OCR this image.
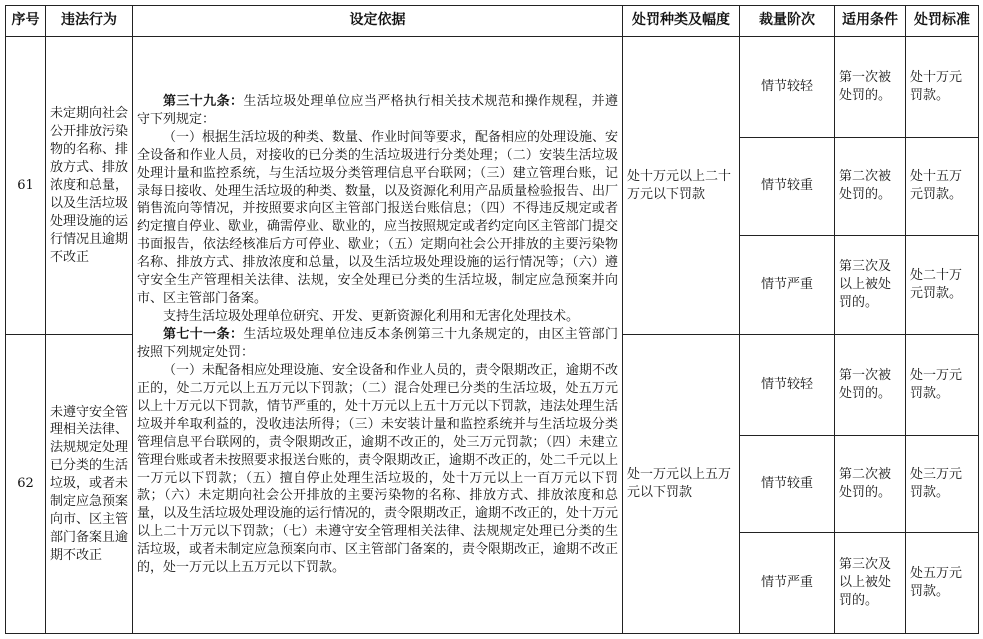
序号	违法行为	设定依据	处罚种类及幅度	裁量阶次	适用条件	处罚标准
61	未定期向社会公开排放污染物的名称、排放方式、排放浓度和总量，以及生活垃圾处理设施的运行情况且逾期不改正	第三十九条：生活垃圾处理单位应当严格执行相关技术规范和操作规程，并遵守下列规定：

（一）根据生活垃圾的种类、数量、作业时间等要求，配备相应的处理设施、安全设备和作业人员，对接收的已分类的生活垃圾进行分类处理；（二）安装生活垃圾处理计量和监控系统，与生活垃圾分类管理信息平台联网；（三）建立管理台账，记录每日接收、处理生活垃圾的种类、数量，以及资源化利用产品质量检验报告、出厂销售流向等情况，并按照要求向区主管部门报送台账信息；（四）不得违反规定或者约定擅自停业、歇业，确需停业、歇业的，应当按照规定或者约定向区主管部门提交书面报告，依法经核准后方可停业、歇业；（五）定期向社会公开排放的主要污染物名称、排放方式、排放浓度和总量，以及生活垃圾处理设施的运行情况等；（六）遵守安全生产管理相关法律、法规，安全处理已分类的生活垃圾，制定应急预案并向市、区主管部门备案。

支持生活垃圾处理单位研究、开发、更新资源化利用和无害化处理技术。

第七十一条：生活垃圾处理单位违反本条例第三十九条规定的，由区主管部门按照下列规定处罚：

（一）未配备相应处理设施、安全设备和作业人员的，责令限期改正，逾期不改正的，处二万元以上五万元以下罚款；（二）混合处理已分类的生活垃圾，处五万元以上十万元以下罚款，情节严重的，处十万元以上五十万元以下罚款，违法处理生活垃圾并牟取利益的，没收违法所得；（三）未安装计量和监控系统并与生活垃圾分类管理信息平台联网的，责令限期改正，逾期不改正的，处三万元罚款；（四）未建立管理台账或者未按照要求报送台账的，责令限期改正，逾期不改正的，处二千元以上一万元以下罚款；（五）擅自停止处理生活垃圾的，处十万元以上一百万元以下罚款；（六）未定期向社会公开排放的主要污染物的名称、排放方式、排放浓度和总量，以及生活垃圾处理设施的运行情况的，责令限期改正，逾期不改正的，处十万元以上二十万元以下罚款；（七）未遵守安全管理相关法律、法规规定处理已分类的生活垃圾，或者未制定应急预案向市、区主管部门备案的，责令限期改正，逾期不改正的，处一万元以上五万元以下罚款。	处十万元以上二十万元以下罚款	情节较轻	第一次被处罚的。	处十万元罚款。
				情节较重	第二次被处罚的。	处十五万元罚款。
				情节严重	第三次及以上被处罚的。	处二十万元罚款。
62	未遵守安全管理相关法律、法规规定处理已分类的生活垃圾，或者未制定应急预案向市、区主管部门备案且逾期不改正		处一万元以上五万元以下罚款	情节较轻	第一次被处罚的。	处一万元罚款。
				情节较重	第二次被处罚的。	处三万元罚款。
				情节严重	第三次及以上被处罚的。	处五万元罚款。
